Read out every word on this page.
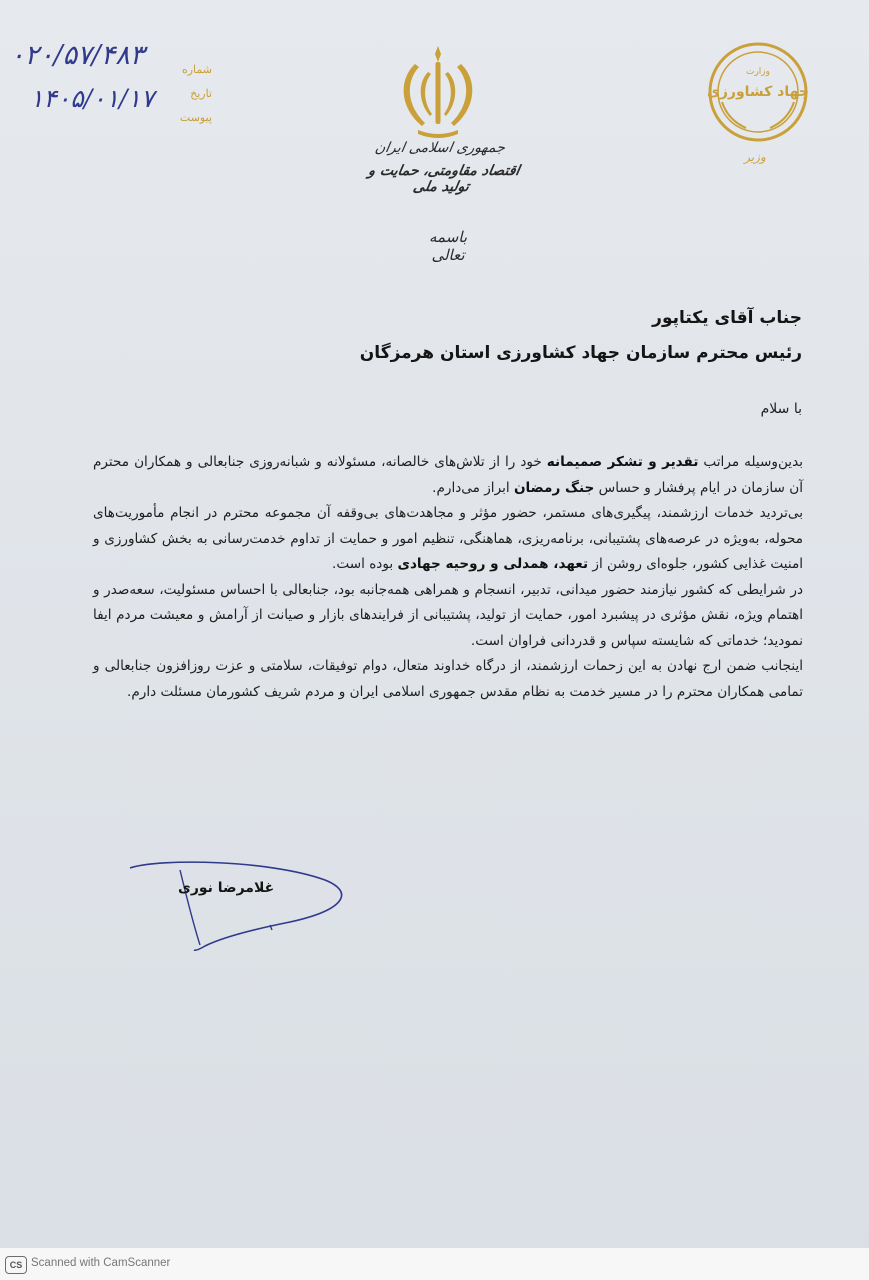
جمهوری اسلامی ایران
اقتصاد مقاومتی، حمایت و تولید ملی
باسمه تعالی
وزارت
جهاد کشاورزی
وزیر
شماره
تاریخ
پیوست
۰۲۰/۵۷/۴۸۳
۱۴۰۵/۰۱/۱۷
جناب آقای یکتاپور
رئیس محترم سازمان جهاد کشاورزی استان هرمزگان
با سلام

بدین‌وسیله مراتب تقدیر و تشکر صمیمانه خود را از تلاش‌های خالصانه، مسئولانه و شبانه‌روزی جنابعالی و همکاران محترم آن سازمان در ایام پرفشار و حساس جنگ رمضان ابراز می‌دارم.

بی‌تردید خدمات ارزشمند، پیگیری‌های مستمر، حضور مؤثر و مجاهدت‌های بی‌وقفه آن مجموعه محترم در انجام مأموریت‌های محوله، به‌ویژه در عرصه‌های پشتیبانی، برنامه‌ریزی، هماهنگی، تنظیم امور و حمایت از تداوم خدمت‌رسانی به بخش کشاورزی و امنیت غذایی کشور، جلوه‌ای روشن از تعهد، همدلی و روحیه جهادی بوده است.

در شرایطی که کشور نیازمند حضور میدانی، تدبیر، انسجام و همراهی همه‌جانبه بود، جنابعالی با احساس مسئولیت، سعه‌صدر و اهتمام ویژه، نقش مؤثری در پیشبرد امور، حمایت از تولید، پشتیبانی از فرایندهای بازار و صیانت از آرامش و معیشت مردم ایفا نمودید؛ خدماتی که شایسته سپاس و قدردانی فراوان است.

اینجانب ضمن ارج نهادن به این زحمات ارزشمند، از درگاه خداوند متعال، دوام توفیقات، سلامتی و عزت روزافزون جنابعالی و تمامی همکاران محترم را در مسیر خدمت به نظام مقدس جمهوری اسلامی ایران و مردم شریف کشورمان مسئلت دارم.

غلامرضا نوری
CS Scanned with CamScanner
